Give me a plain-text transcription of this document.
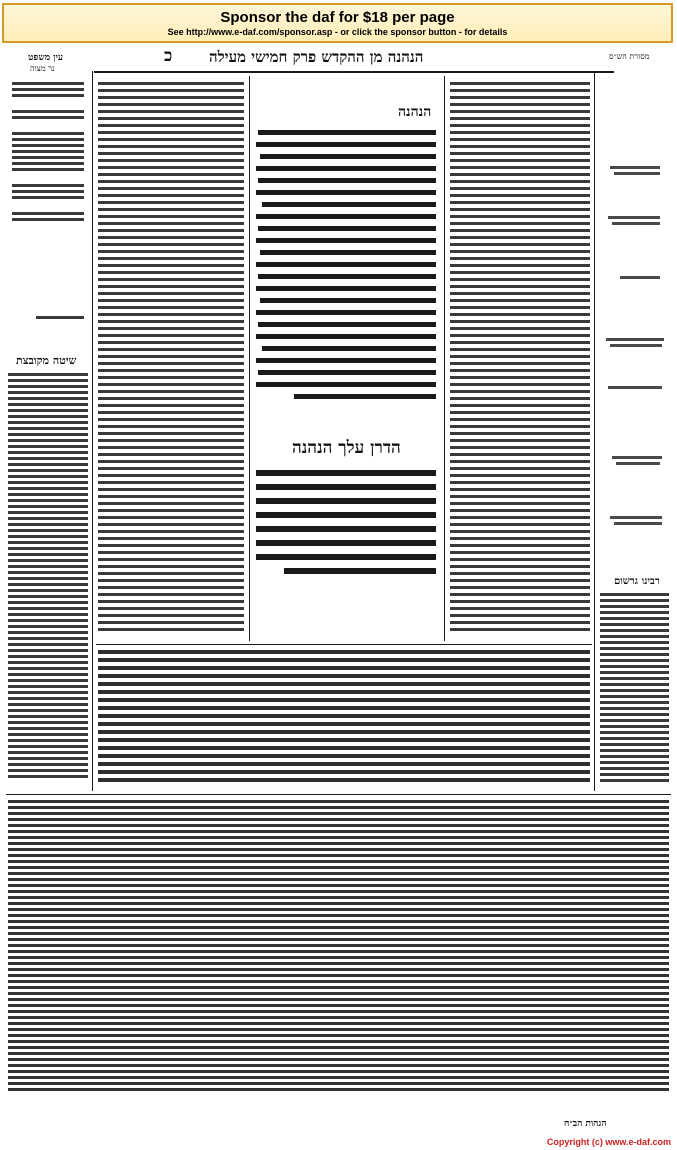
Sponsor the daf for $18 per page
See http://www.e-daf.com/sponsor.asp - or click the sponsor button - for details
הנהנה מן ההקדש פרק חמישי מעילה
כ
עין משפט
נר מצוה
מסורת הש״ס
הנהנה
הדרן עלך הנהנה
שיטה מקובצת
רבינו גרשום
הגהות הב״ח
Copyright (c) www.e-daf.com
